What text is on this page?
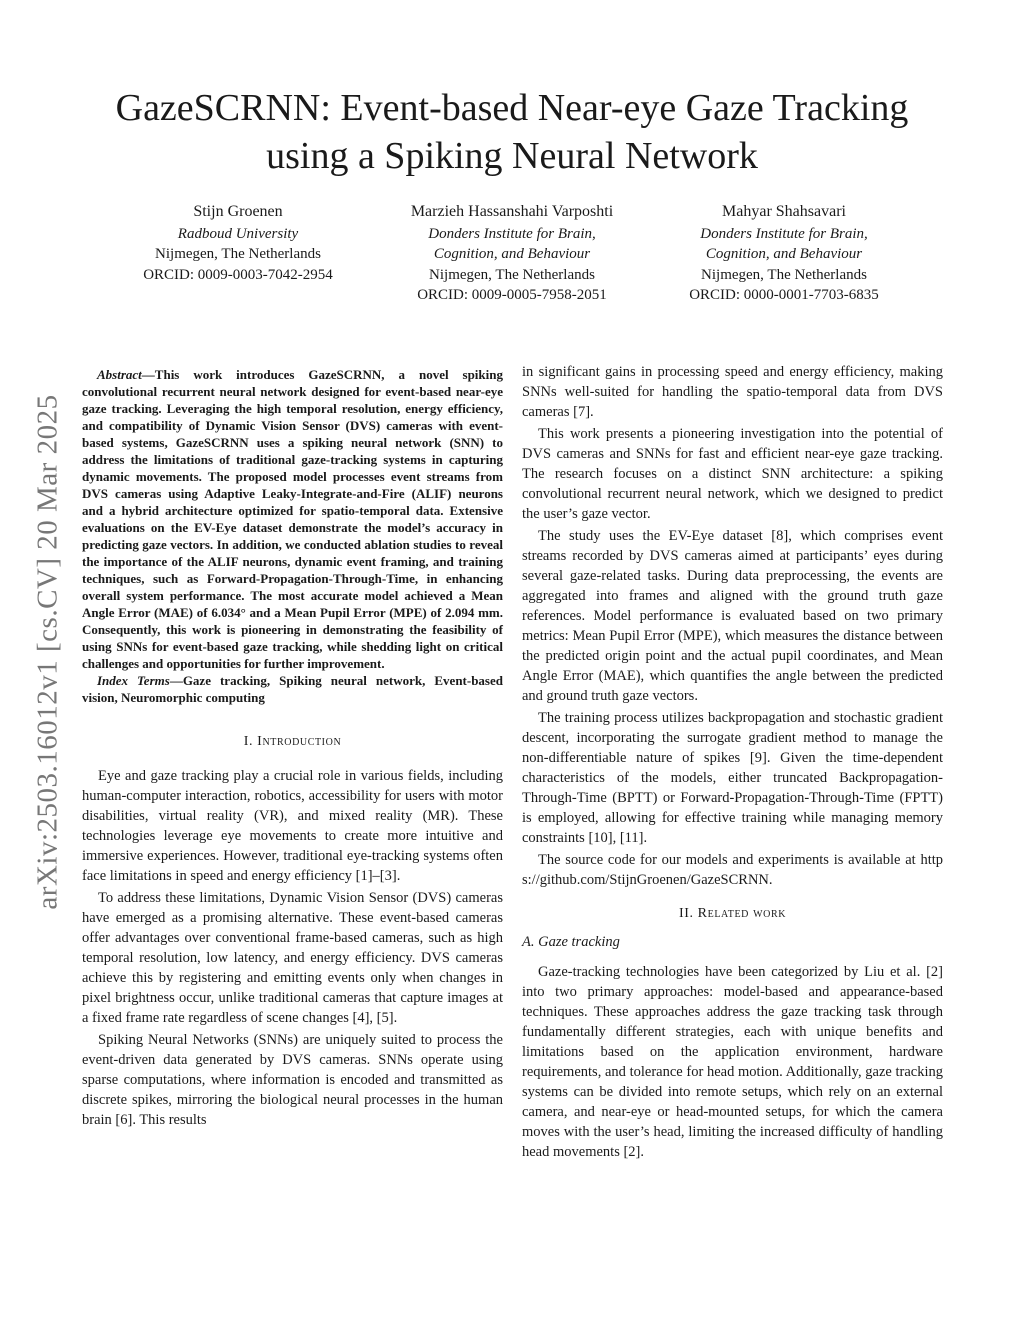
arXiv:2503.16012v1 [cs.CV] 20 Mar 2025
GazeSCRNN: Event-based Near-eye Gaze Tracking
using a Spiking Neural Network
Stijn Groenen
Radboud University
Nijmegen, The Netherlands
ORCID: 0009-0003-7042-2954
Marzieh Hassanshahi Varposhti
Donders Institute for Brain,
Cognition, and Behaviour
Nijmegen, The Netherlands
ORCID: 0009-0005-7958-2051
Mahyar Shahsavari
Donders Institute for Brain,
Cognition, and Behaviour
Nijmegen, The Netherlands
ORCID: 0000-0001-7703-6835

Abstract—This work introduces GazeSCRNN, a novel spiking convolutional recurrent neural network designed for event-based near-eye gaze tracking. Leveraging the high temporal resolution, energy efficiency, and compatibility of Dynamic Vision Sensor (DVS) cameras with event-based systems, GazeSCRNN uses a spiking neural network (SNN) to address the limitations of traditional gaze-tracking systems in capturing dynamic movements. The proposed model processes event streams from DVS cameras using Adaptive Leaky-Integrate-and-Fire (ALIF) neurons and a hybrid architecture optimized for spatio-temporal data. Extensive evaluations on the EV-Eye dataset demonstrate the model’s accuracy in predicting gaze vectors. In addition, we conducted ablation studies to reveal the importance of the ALIF neurons, dynamic event framing, and training techniques, such as Forward-Propagation-Through-Time, in enhancing overall system performance. The most accurate model achieved a Mean Angle Error (MAE) of 6.034° and a Mean Pupil Error (MPE) of 2.094 mm. Consequently, this work is pioneering in demonstrating the feasibility of using SNNs for event-based gaze tracking, while shedding light on critical challenges and opportunities for further improvement.

Index Terms—Gaze tracking, Spiking neural network, Event-based vision, Neuromorphic computing

I. Introduction

Eye and gaze tracking play a crucial role in various fields, including human-computer interaction, robotics, accessibility for users with motor disabilities, virtual reality (VR), and mixed reality (MR). These technologies leverage eye movements to create more intuitive and immersive experiences. However, traditional eye-tracking systems often face limitations in speed and energy efficiency [1]–[3].

To address these limitations, Dynamic Vision Sensor (DVS) cameras have emerged as a promising alternative. These event-based cameras offer advantages over conventional frame-based cameras, such as high temporal resolution, low latency, and energy efficiency. DVS cameras achieve this by registering and emitting events only when changes in pixel brightness occur, unlike traditional cameras that capture images at a fixed frame rate regardless of scene changes [4], [5].

Spiking Neural Networks (SNNs) are uniquely suited to process the event-driven data generated by DVS cameras. SNNs operate using sparse computations, where information is encoded and transmitted as discrete spikes, mirroring the biological neural processes in the human brain [6]. This results

in significant gains in processing speed and energy efficiency, making SNNs well-suited for handling the spatio-temporal data from DVS cameras [7].

This work presents a pioneering investigation into the potential of DVS cameras and SNNs for fast and efficient near-eye gaze tracking. The research focuses on a distinct SNN architecture: a spiking convolutional recurrent neural network, which we designed to predict the user’s gaze vector.

The study uses the EV-Eye dataset [8], which comprises event streams recorded by DVS cameras aimed at participants’ eyes during several gaze-related tasks. During data preprocessing, the events are aggregated into frames and aligned with the ground truth gaze references. Model performance is evaluated based on two primary metrics: Mean Pupil Error (MPE), which measures the distance between the predicted origin point and the actual pupil coordinates, and Mean Angle Error (MAE), which quantifies the angle between the predicted and ground truth gaze vectors.

The training process utilizes backpropagation and stochastic gradient descent, incorporating the surrogate gradient method to manage the non-differentiable nature of spikes [9]. Given the time-dependent characteristics of the models, either truncated Backpropagation-Through-Time (BPTT) or Forward-Propagation-Through-Time (FPTT) is employed, allowing for effective training while managing memory constraints [10], [11].

The source code for our models and experiments is available at https://github.com/StijnGroenen/GazeSCRNN.

II. Related work
A. Gaze tracking

Gaze-tracking technologies have been categorized by Liu et al. [2] into two primary approaches: model-based and appearance-based techniques. These approaches address the gaze tracking task through fundamentally different strategies, each with unique benefits and limitations based on the application environment, hardware requirements, and tolerance for head motion. Additionally, gaze tracking systems can be divided into remote setups, which rely on an external camera, and near-eye or head-mounted setups, for which the camera moves with the user’s head, limiting the increased difficulty of handling head movements [2].
